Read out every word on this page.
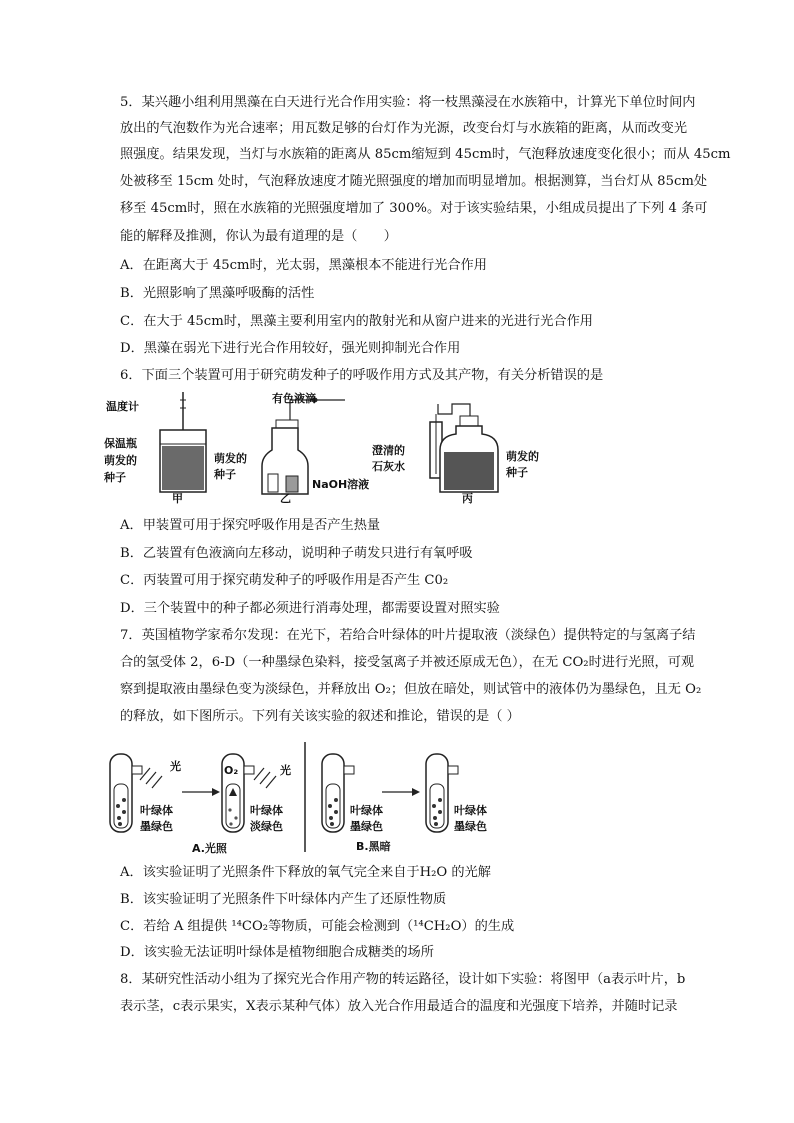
5．某兴趣小组利用黑藻在白天进行光合作用实验：将一枝黑藻浸在水族箱中，计算光下单位时间内
放出的气泡数作为光合速率；用瓦数足够的台灯作为光源，改变台灯与水族箱的距离，从而改变光
照强度。结果发现，当灯与水族箱的距离从 85cm缩短到 45cm时，气泡释放速度变化很小；而从 45cm
处被移至 15cm 处时，气泡释放速度才随光照强度的增加而明显增加。根据测算，当台灯从 85cm处
移至 45cm时，照在水族箱的光照强度增加了 300%。对于该实验结果，小组成员提出了下列 4 条可
能的解释及推测，你认为最有道理的是（　　）
A．在距离大于 45cm时，光太弱，黑藻根本不能进行光合作用
B．光照影响了黑藻呼吸酶的活性
C．在大于 45cm时，黑藻主要利用室内的散射光和从窗户进来的光进行光合作用
D．黑藻在弱光下进行光合作用较好，强光则抑制光合作用
6．下面三个装置可用于研究萌发种子的呼吸作用方式及其产物，有关分析错误的是
温度计
保温瓶
萌发的
种子
甲
有色液滴
萌发的
种子
NaOH溶液
乙
澄清的
石灰水
萌发的
种子
丙
A．甲装置可用于探究呼吸作用是否产生热量
B．乙装置有色液滴向左移动，说明种子萌发只进行有氧呼吸
C．丙装置可用于探究萌发种子的呼吸作用是否产生 C0₂
D．三个装置中的种子都必须进行消毒处理，都需要设置对照实验
7．英国植物学家希尔发现：在光下，若给合叶绿体的叶片提取液（淡绿色）提供特定的与氢离子结
合的氢受体 2，6-D（一种墨绿色染料，接受氢离子并被还原成无色），在无 CO₂时进行光照，可观
察到提取液由墨绿色变为淡绿色，并释放出 O₂；但放在暗处，则试管中的液体仍为墨绿色，且无 O₂
的释放，如下图所示。下列有关该实验的叙述和推论，错误的是（ ）
光	光
O₂
叶绿体
墨绿色
叶绿体
淡绿色
叶绿体
墨绿色
叶绿体
墨绿色
A.光照	B.黑暗
A．该实验证明了光照条件下释放的氧气完全来自于H₂O 的光解
B．该实验证明了光照条件下叶绿体内产生了还原性物质
C．若给 A 组提供 ¹⁴CO₂等物质，可能会检测到（¹⁴CH₂O）的生成
D．该实验无法证明叶绿体是植物细胞合成糖类的场所
8．某研究性活动小组为了探究光合作用产物的转运路径，设计如下实验：将图甲（a表示叶片，b
表示茎，c表示果实，X表示某种气体）放入光合作用最适合的温度和光强度下培养，并随时记录
